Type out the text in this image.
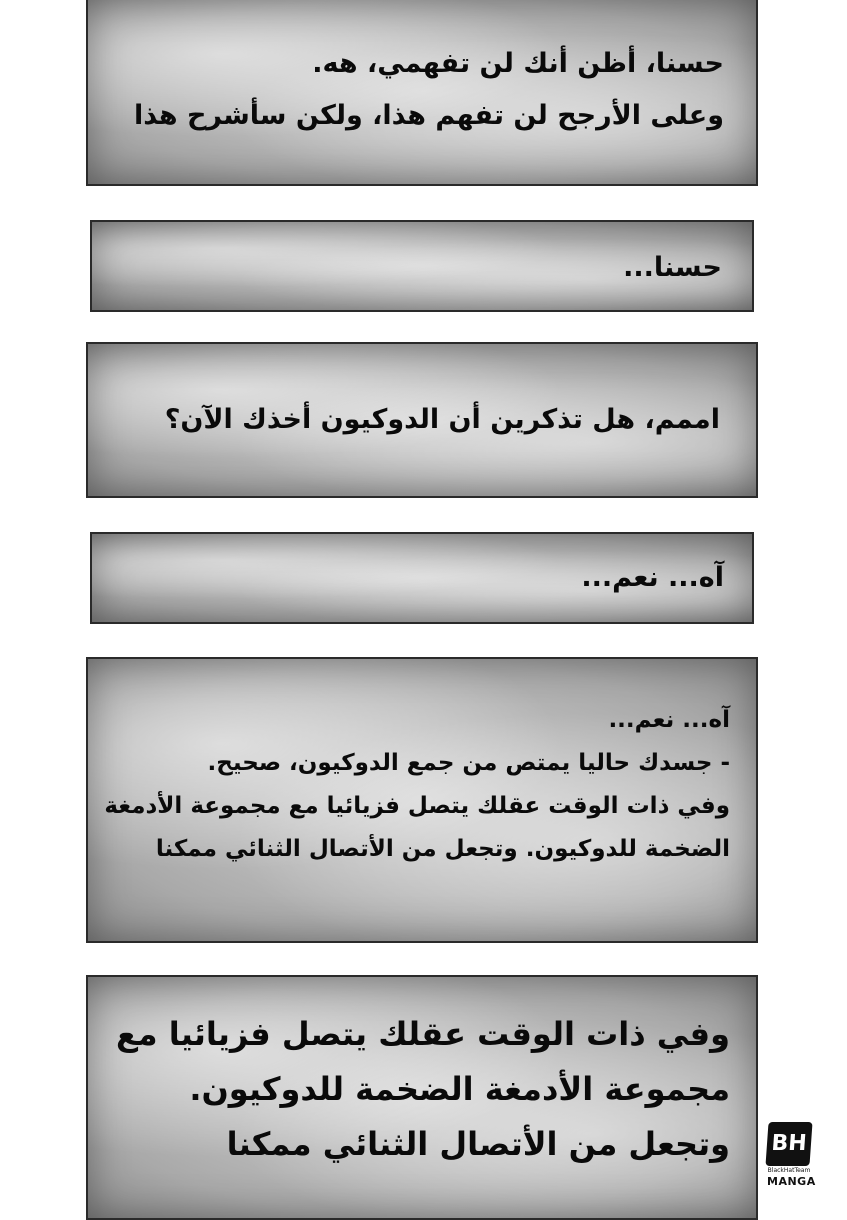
حسنا، أظن أنك لن تفهمي، هه.
وعلى الأرجح لن تفهم هذا، ولكن سأشرح هذا
حسنا...
اممم، هل تذكرين أن الدوكيون أخذك الآن؟
آه... نعم...
آه... نعم...
- جسدك حاليا يمتص من جمع الدوكيون، صحيح.
وفي ذات الوقت عقلك يتصل فزيائيا مع مجموعة الأدمغة
الضخمة للدوكيون. وتجعل من الأتصال الثنائي ممكنا
وفي ذات الوقت عقلك يتصل فزيائيا مع
مجموعة الأدمغة الضخمة للدوكيون.
وتجعل من الأتصال الثنائي ممكنا BH
BlackHatTeam
MANGA
